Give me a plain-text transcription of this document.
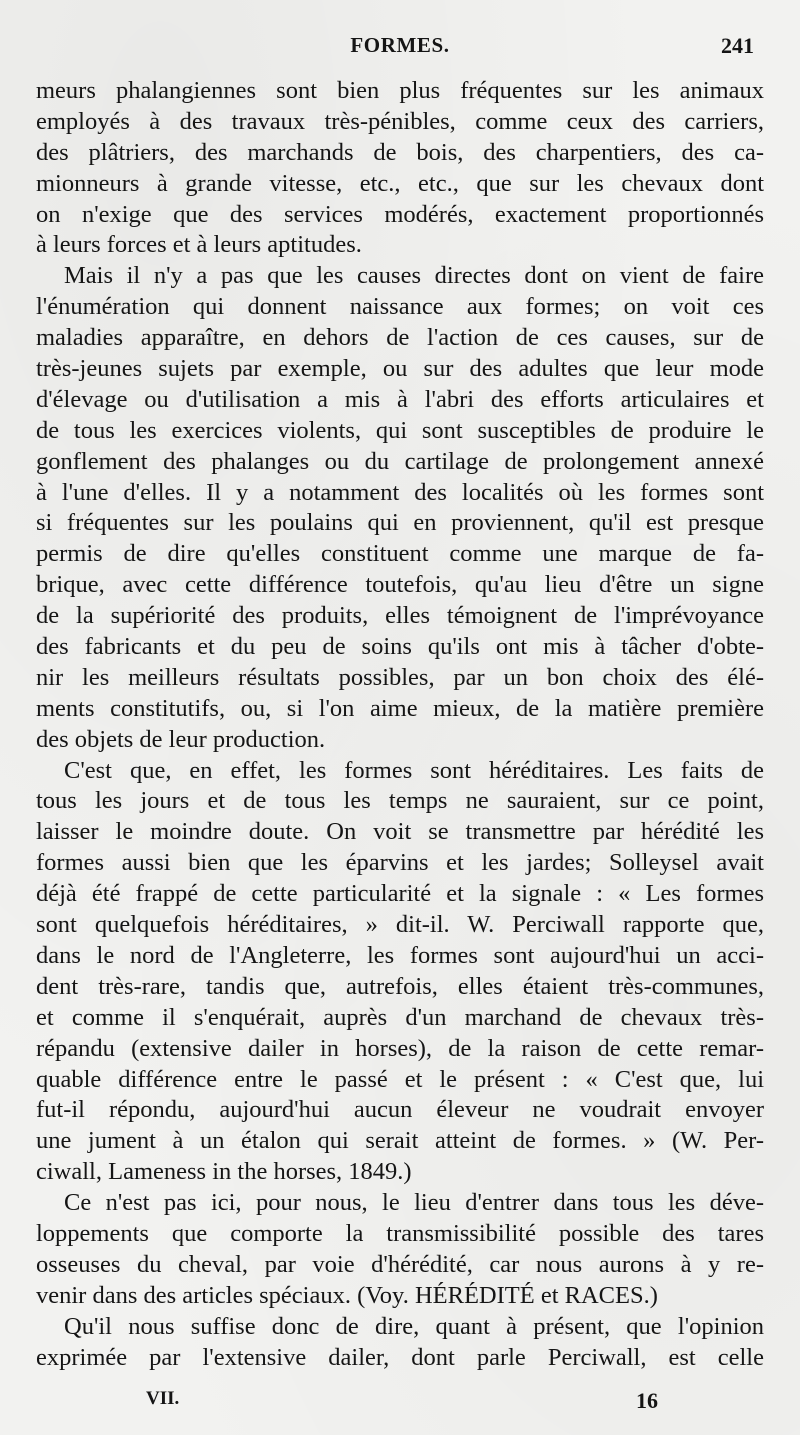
FORMES.	241
meurs phalangiennes sont bien plus fréquentes sur les animaux
employés à des travaux très-pénibles, comme ceux des carriers,
des plâtriers, des marchands de bois, des charpentiers, des ca-
mionneurs à grande vitesse, etc., etc., que sur les chevaux dont
on n'exige que des services modérés, exactement proportionnés
à leurs forces et à leurs aptitudes.
Mais il n'y a pas que les causes directes dont on vient de faire
l'énumération qui donnent naissance aux formes; on voit ces
maladies apparaître, en dehors de l'action de ces causes, sur de
très-jeunes sujets par exemple, ou sur des adultes que leur mode
d'élevage ou d'utilisation a mis à l'abri des efforts articulaires et
de tous les exercices violents, qui sont susceptibles de produire le
gonflement des phalanges ou du cartilage de prolongement annexé
à l'une d'elles. Il y a notamment des localités où les formes sont
si fréquentes sur les poulains qui en proviennent, qu'il est presque
permis de dire qu'elles constituent comme une marque de fa-
brique, avec cette différence toutefois, qu'au lieu d'être un signe
de la supériorité des produits, elles témoignent de l'imprévoyance
des fabricants et du peu de soins qu'ils ont mis à tâcher d'obte-
nir les meilleurs résultats possibles, par un bon choix des élé-
ments constitutifs, ou, si l'on aime mieux, de la matière première
des objets de leur production.
C'est que, en effet, les formes sont héréditaires. Les faits de
tous les jours et de tous les temps ne sauraient, sur ce point,
laisser le moindre doute. On voit se transmettre par hérédité les
formes aussi bien que les éparvins et les jardes; Solleysel avait
déjà été frappé de cette particularité et la signale : « Les formes
sont quelquefois héréditaires, » dit-il. W. Perciwall rapporte que,
dans le nord de l'Angleterre, les formes sont aujourd'hui un acci-
dent très-rare, tandis que, autrefois, elles étaient très-communes,
et comme il s'enquérait, auprès d'un marchand de chevaux très-
répandu (extensive dailer in horses), de la raison de cette remar-
quable différence entre le passé et le présent : « C'est que, lui
fut-il répondu, aujourd'hui aucun éleveur ne voudrait envoyer
une jument à un étalon qui serait atteint de formes. » (W. Per-
ciwall, Lameness in the horses, 1849.)
Ce n'est pas ici, pour nous, le lieu d'entrer dans tous les déve-
loppements que comporte la transmissibilité possible des tares
osseuses du cheval, par voie d'hérédité, car nous aurons à y re-
venir dans des articles spéciaux. (Voy. HÉRÉDITÉ et RACES.)
Qu'il nous suffise donc de dire, quant à présent, que l'opinion
exprimée par l'extensive dailer, dont parle Perciwall, est celle
VII.	16
